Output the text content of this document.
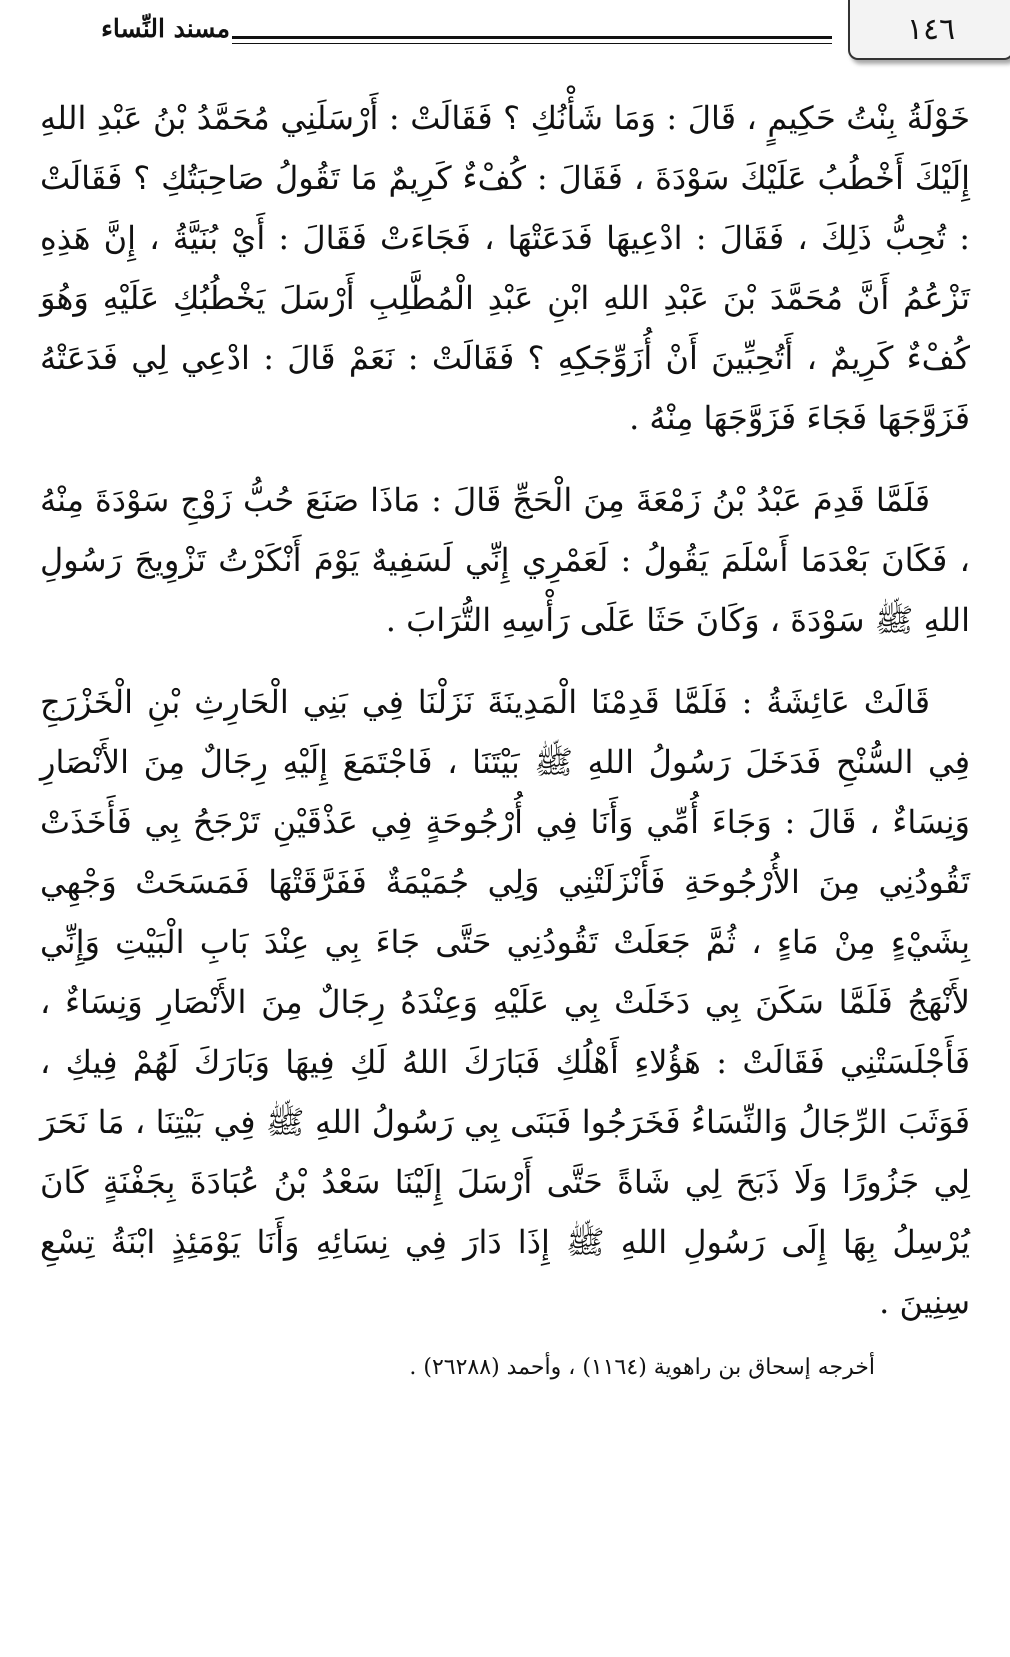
مسند النِّساء	١٤٦

خَوْلَةُ بِنْتُ حَكِيمٍ ، قَالَ : وَمَا شَأْنُكِ ؟ فَقَالَتْ : أَرْسَلَنِي مُحَمَّدُ بْنُ عَبْدِ اللهِ إِلَيْكَ أَخْطُبُ عَلَيْكَ سَوْدَةَ ، فَقَالَ : كُفْءٌ كَرِيمٌ مَا تَقُولُ صَاحِبَتُكِ ؟ فَقَالَتْ : تُحِبُّ ذَلِكَ ، فَقَالَ : ادْعِيهَا فَدَعَتْهَا ، فَجَاءَتْ فَقَالَ : أَيْ بُنَيَّةُ ، إِنَّ هَذِهِ تَزْعُمُ أَنَّ مُحَمَّدَ بْنَ عَبْدِ اللهِ ابْنِ عَبْدِ الْمُطَّلِبِ أَرْسَلَ يَخْطُبُكِ عَلَيْهِ وَهُوَ كُفْءٌ كَرِيمٌ ، أَتُحِبِّينَ أَنْ أُزَوِّجَكِهِ ؟ فَقَالَتْ : نَعَمْ قَالَ : ادْعِي لِي فَدَعَتْهُ فَزَوَّجَهَا فَجَاءَ فَزَوَّجَهَا مِنْهُ .

فَلَمَّا قَدِمَ عَبْدُ بْنُ زَمْعَةَ مِنَ الْحَجِّ قَالَ : مَاذَا صَنَعَ حُبُّ زَوْجِ سَوْدَةَ مِنْهُ ، فَكَانَ بَعْدَمَا أَسْلَمَ يَقُولُ : لَعَمْرِي إِنِّي لَسَفِيهٌ يَوْمَ أَنْكَرْتُ تَزْوِيجَ رَسُولِ اللهِ ﷺ سَوْدَةَ ، وَكَانَ حَثَا عَلَى رَأْسِهِ التُّرَابَ .

قَالَتْ عَائِشَةُ : فَلَمَّا قَدِمْنَا الْمَدِينَةَ نَزَلْنَا فِي بَنِي الْحَارِثِ بْنِ الْخَزْرَجِ فِي السُّنْحِ فَدَخَلَ رَسُولُ اللهِ ﷺ بَيْتَنَا ، فَاجْتَمَعَ إِلَيْهِ رِجَالٌ مِنَ الأَنْصَارِ وَنِسَاءٌ ، قَالَ : وَجَاءَ أُمِّي وَأَنَا فِي أُرْجُوحَةٍ فِي عَذْقَيْنِ تَرْجَحُ بِي فَأَخَذَتْ تَقُودُنِي مِنَ الأُرْجُوحَةِ فَأَنْزَلَتْنِي وَلِي جُمَيْمَةٌ فَفَرَّقَتْهَا فَمَسَحَتْ وَجْهِي بِشَيْءٍ مِنْ مَاءٍ ، ثُمَّ جَعَلَتْ تَقُودُنِي حَتَّى جَاءَ بِي عِنْدَ بَابِ الْبَيْتِ وَإِنِّي لأَنْهَجُ فَلَمَّا سَكَنَ بِي دَخَلَتْ بِي عَلَيْهِ وَعِنْدَهُ رِجَالٌ مِنَ الأَنْصَارِ وَنِسَاءٌ ، فَأَجْلَسَتْنِي فَقَالَتْ : هَؤُلاءِ أَهْلُكِ فَبَارَكَ اللهُ لَكِ فِيهَا وَبَارَكَ لَهُمْ فِيكِ ، فَوَثَبَ الرِّجَالُ وَالنِّسَاءُ فَخَرَجُوا فَبَنَى بِي رَسُولُ اللهِ ﷺ فِي بَيْتِنَا ، مَا نَحَرَ لِي جَزُورًا وَلَا ذَبَحَ لِي شَاةً حَتَّى أَرْسَلَ إِلَيْنَا سَعْدُ بْنُ عُبَادَةَ بِجَفْنَةٍ كَانَ يُرْسِلُ بِهَا إِلَى رَسُولِ اللهِ ﷺ إِذَا دَارَ فِي نِسَائِهِ وَأَنَا يَوْمَئِذٍ ابْنَةُ تِسْعِ سِنِينَ .

أخرجه إسحاق بن راهوية (١١٦٤) ، وأحمد (٢٦٢٨٨) .
